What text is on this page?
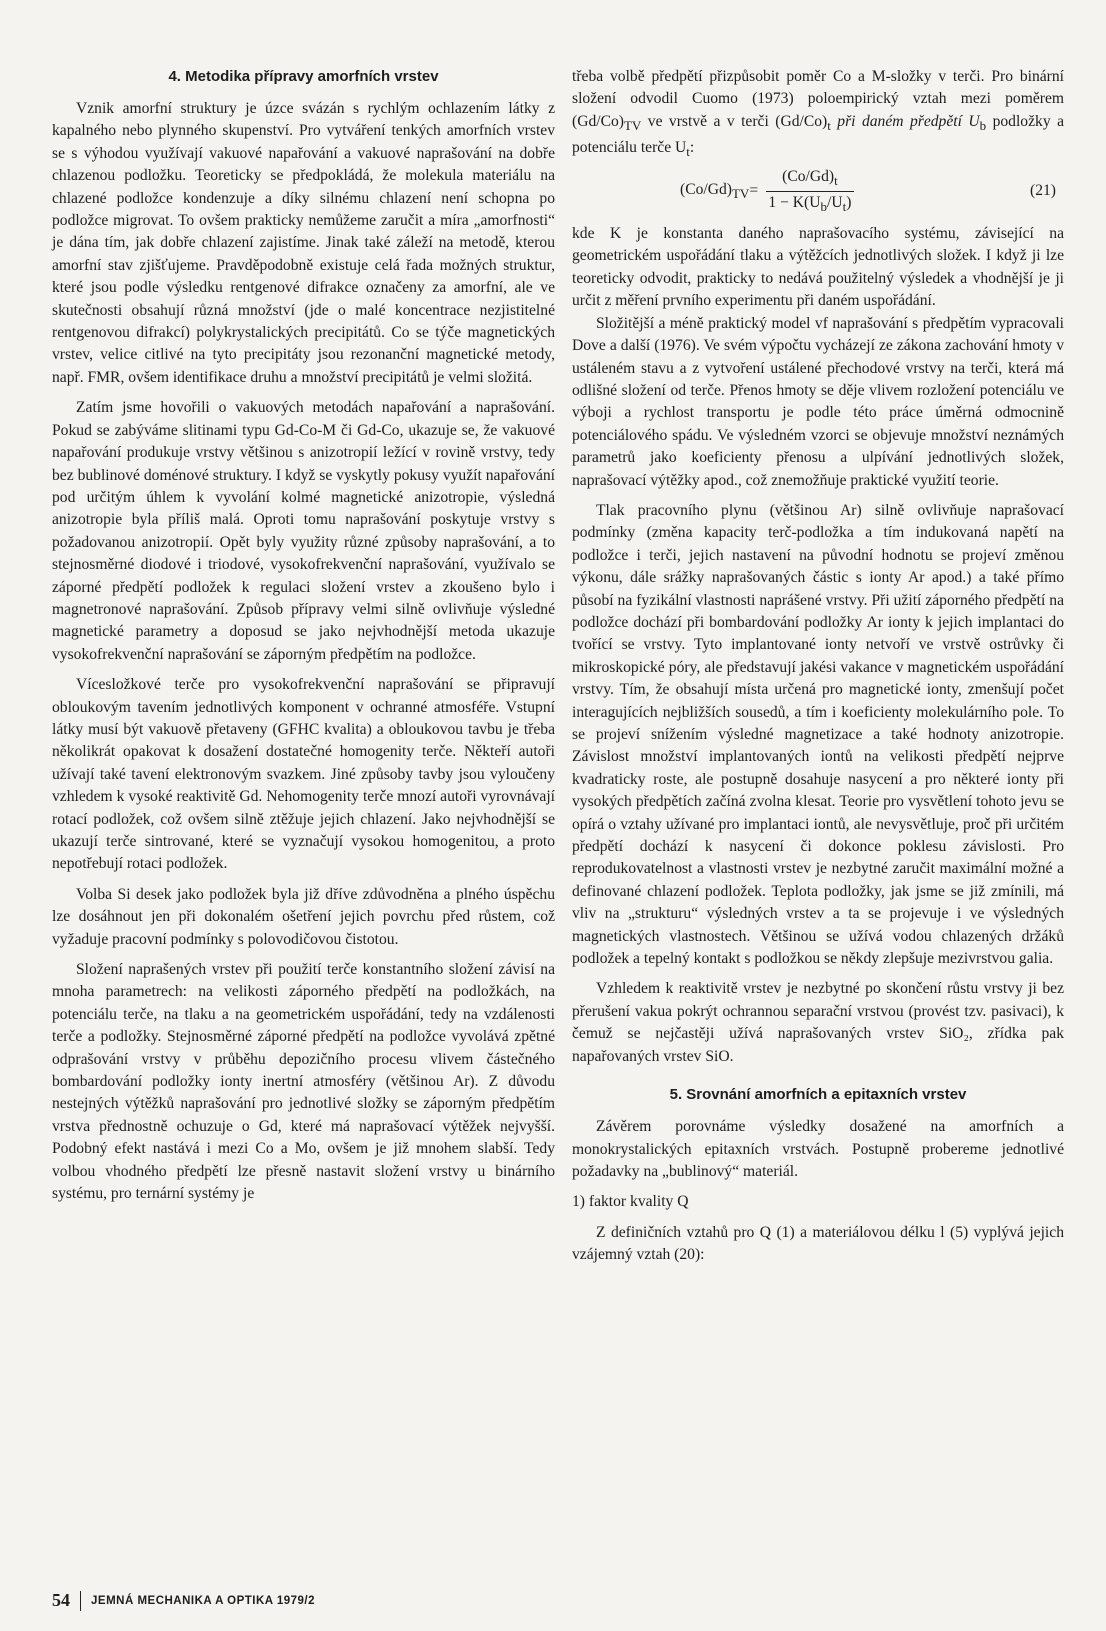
4. Metodika přípravy amorfních vrstev

Vznik amorfní struktury je úzce svázán s rychlým ochlazením látky z kapalného nebo plynného skupenství. Pro vytváření tenkých amorfních vrstev se s výhodou využívají vakuové napařování a vakuové naprašování na dobře chlazenou podložku. Teoreticky se předpokládá, že molekula materiálu na chlazené podložce kondenzuje a díky silnému chlazení není schopna po podložce migrovat. To ovšem prakticky nemůžeme zaručit a míra „amorfnosti“ je dána tím, jak dobře chlazení zajistíme. Jinak také záleží na metodě, kterou amorfní stav zjišťujeme. Pravděpodobně existuje celá řada možných struktur, které jsou podle výsledku rentgenové difrakce označeny za amorfní, ale ve skutečnosti obsahují různá množství (jde o malé koncentrace nezjistitelné rentgenovou difrakcí) polykrystalických precipitátů. Co se týče magnetických vrstev, velice citlivé na tyto precipitáty jsou rezonanční magnetické metody, např. FMR, ovšem identifikace druhu a množství precipitátů je velmi složitá.

Zatím jsme hovořili o vakuových metodách napařování a naprašování. Pokud se zabýváme slitinami typu Gd-Co-M či Gd-Co, ukazuje se, že vakuové napařování produkuje vrstvy většinou s anizotropií ležící v rovině vrstvy, tedy bez bublinové doménové struktury. I když se vyskytly pokusy využít napařování pod určitým úhlem k vyvolání kolmé magnetické anizotropie, výsledná anizotropie byla příliš malá. Oproti tomu naprašování poskytuje vrstvy s požadovanou anizotropií. Opět byly využity různé způsoby naprašování, a to stejnosměrné diodové i triodové, vysokofrekvenční naprašování, využívalo se záporné předpětí podložek k regulaci složení vrstev a zkoušeno bylo i magnetronové naprašování. Způsob přípravy velmi silně ovlivňuje výsledné magnetické parametry a doposud se jako nejvhodnější metoda ukazuje vysokofrekvenční naprašování se záporným předpětím na podložce.

Vícesložkové terče pro vysokofrekvenční naprašování se připravují obloukovým tavením jednotlivých komponent v ochranné atmosféře. Vstupní látky musí být vakuově přetaveny (GFHC kvalita) a obloukovou tavbu je třeba několikrát opakovat k dosažení dostatečné homogenity terče. Někteří autoři užívají také tavení elektronovým svazkem. Jiné způsoby tavby jsou vyloučeny vzhledem k vysoké reaktivitě Gd. Nehomogenity terče mnozí autoři vyrovnávají rotací podložek, což ovšem silně ztěžuje jejich chlazení. Jako nejvhodnější se ukazují terče sintrované, které se vyznačují vysokou homogenitou, a proto nepotřebují rotaci podložek.

Volba Si desek jako podložek byla již dříve zdůvodněna a plného úspěchu lze dosáhnout jen při dokonalém ošetření jejich povrchu před růstem, což vyžaduje pracovní podmínky s polovodičovou čistotou.

Složení naprašených vrstev při použití terče konstantního složení závisí na mnoha parametrech: na velikosti záporného předpětí na podložkách, na potenciálu terče, na tlaku a na geometrickém uspořádání, tedy na vzdálenosti terče a podložky. Stejnosměrné záporné předpětí na podložce vyvolává zpětné odprašování vrstvy v průběhu depozičního procesu vlivem částečného bombardování podložky ionty inertní atmosféry (většinou Ar). Z důvodu nestejných výtěžků naprašování pro jednotlivé složky se záporným předpětím vrstva přednostně ochuzuje o Gd, které má naprašovací výtěžek nejvyšší. Podobný efekt nastává i mezi Co a Mo, ovšem je již mnohem slabší. Tedy volbou vhodného předpětí lze přesně nastavit složení vrstvy u binárního systému, pro ternární systémy je

třeba volbě předpětí přizpůsobit poměr Co a M-složky v terči. Pro binární složení odvodil Cuomo (1973) poloempirický vztah mezi poměrem $(Gd/Co)_{TV}$ ve vrstvě a v terči $(Gd/Co)_t$ při daném předpětí $U_b$ podložky a potenciálu terče $U_t$:

$(Co/Gd)_{TV} = \frac{(Co/Gd)_t}{1 - K(U_b/U_t)}$	(21)

kde K je konstanta daného naprašovacího systému, závisející na geometrickém uspořádání tlaku a výtěžcích jednotlivých složek. I když ji lze teoreticky odvodit, prakticky to nedává použitelný výsledek a vhodnější je ji určit z měření prvního experimentu při daném uspořádání.

Složitější a méně praktický model vf naprašování s předpětím vypracovali Dove a další (1976). Ve svém výpočtu vycházejí ze zákona zachování hmoty v ustáleném stavu a z vytvoření ustálené přechodové vrstvy na terči, která má odlišné složení od terče. Přenos hmoty se děje vlivem rozložení potenciálu ve výboji a rychlost transportu je podle této práce úměrná odmocnině potenciálového spádu. Ve výsledném vzorci se objevuje množství neznámých parametrů jako koeficienty přenosu a ulpívání jednotlivých složek, naprašovací výtěžky apod., což znemožňuje praktické využití teorie.

Tlak pracovního plynu (většinou Ar) silně ovlivňuje naprašovací podmínky (změna kapacity terč-podložka a tím indukovaná napětí na podložce i terči, jejich nastavení na původní hodnotu se projeví změnou výkonu, dále srážky naprašovaných částic s ionty Ar apod.) a také přímo působí na fyzikální vlastnosti naprášené vrstvy. Při užití záporného předpětí na podložce dochází při bombardování podložky Ar ionty k jejich implantaci do tvořící se vrstvy. Tyto implantované ionty netvoří ve vrstvě ostrůvky či mikroskopické póry, ale představují jakési vakance v magnetickém uspořádání vrstvy. Tím, že obsahují místa určená pro magnetické ionty, zmenšují počet interagujících nejbližších sousedů, a tím i koeficienty molekulárního pole. To se projeví snížením výsledné magnetizace a také hodnoty anizotropie. Závislost množství implantovaných iontů na velikosti předpětí nejprve kvadraticky roste, ale postupně dosahuje nasycení a pro některé ionty při vysokých předpětích začíná zvolna klesat. Teorie pro vysvětlení tohoto jevu se opírá o vztahy užívané pro implantaci iontů, ale nevysvětluje, proč při určitém předpětí dochází k nasycení či dokonce poklesu závislosti. Pro reprodukovatelnost a vlastnosti vrstev je nezbytné zaručit maximální možné a definované chlazení podložek. Teplota podložky, jak jsme se již zmínili, má vliv na „strukturu“ výsledných vrstev a ta se projevuje i ve výsledných magnetických vlastnostech. Většinou se užívá vodou chlazených držáků podložek a tepelný kontakt s podložkou se někdy zlepšuje mezivrstvou galia.

Vzhledem k reaktivitě vrstev je nezbytné po skončení růstu vrstvy ji bez přerušení vakua pokrýt ochrannou separační vrstvou (provést tzv. pasivaci), k čemuž se nejčastěji užívá naprašovaných vrstev SiO₂, zřídka pak napařovaných vrstev SiO.

5. Srovnání amorfních a epitaxních vrstev

Závěrem porovnáme výsledky dosažené na amorfních a monokrystalických epitaxních vrstvách. Postupně probereme jednotlivé požadavky na „bublinový“ materiál.

1) faktor kvality Q

Z definičních vztahů pro Q (1) a materiálovou délku l (5) vyplývá jejich vzájemný vztah (20):

54 JEMNÁ MECHANIKA A OPTIKA 1979/2
